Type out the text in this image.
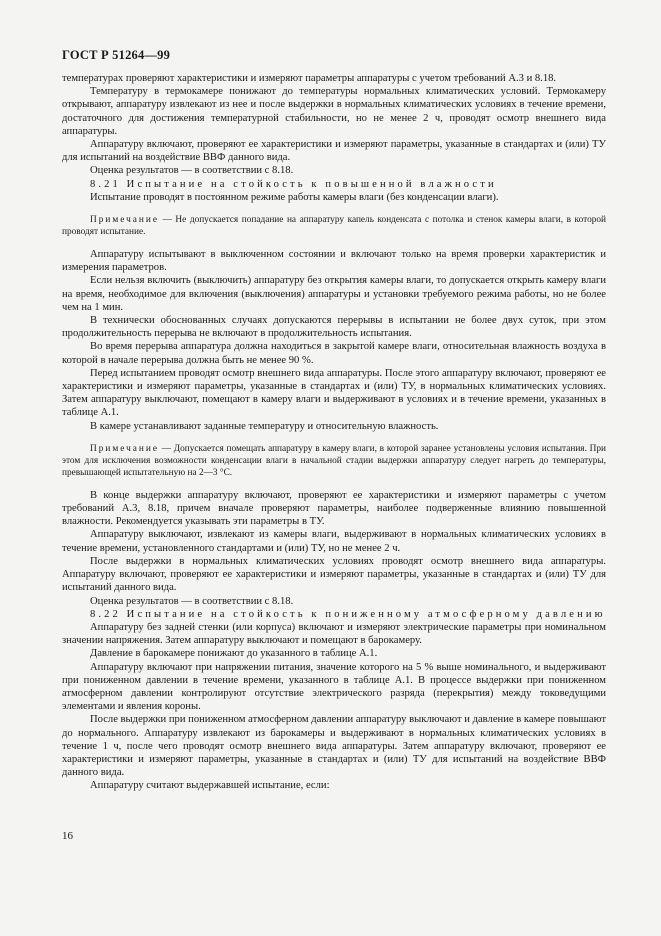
ГОСТ Р 51264—99

температурах проверяют характеристики и измеряют параметры аппаратуры с учетом требований А.3 и 8.18.

Температуру в термокамере понижают до температуры нормальных климатических условий. Термокамеру открывают, аппаратуру извлекают из нее и после выдержки в нормальных климатических условиях в течение времени, достаточного для достижения температурной стабильности, но не менее 2 ч, проводят осмотр внешнего вида аппаратуры.

Аппаратуру включают, проверяют ее характеристики и измеряют параметры, указанные в стандартах и (или) ТУ для испытаний на воздействие ВВФ данного вида.

Оценка результатов — в соответствии с 8.18.

8.21 Испытание на стойкость к повышенной влажности

Испытание проводят в постоянном режиме работы камеры влаги (без конденсации влаги).

Примечание — Не допускается попадание на аппаратуру капель конденсата с потолка и стенок камеры влаги, в которой проводят испытание.

Аппаратуру испытывают в выключенном состоянии и включают только на время проверки характеристик и измерения параметров.

Если нельзя включить (выключить) аппаратуру без открытия камеры влаги, то допускается открыть камеру влаги на время, необходимое для включения (выключения) аппаратуры и установки требуемого режима работы, но не более чем на 1 мин.

В технически обоснованных случаях допускаются перерывы в испытании не более двух суток, при этом продолжительность перерыва не включают в продолжительность испытания.

Во время перерыва аппаратура должна находиться в закрытой камере влаги, относительная влажность воздуха в которой в начале перерыва должна быть не менее 90 %.

Перед испытанием проводят осмотр внешнего вида аппаратуры. После этого аппаратуру включают, проверяют ее характеристики и измеряют параметры, указанные в стандартах и (или) ТУ, в нормальных климатических условиях. Затем аппаратуру выключают, помещают в камеру влаги и выдерживают в условиях и в течение времени, указанных в таблице А.1.

В камере устанавливают заданные температуру и относительную влажность.

Примечание — Допускается помещать аппаратуру в камеру влаги, в которой заранее установлены условия испытания. При этом для исключения возможности конденсации влаги в начальной стадии выдержки аппаратуру следует нагреть до температуры, превышающей испытательную на 2—3 °С.

В конце выдержки аппаратуру включают, проверяют ее характеристики и измеряют параметры с учетом требований А.3, 8.18, причем вначале проверяют параметры, наиболее подверженные влиянию повышенной влажности. Рекомендуется указывать эти параметры в ТУ.

Аппаратуру выключают, извлекают из камеры влаги, выдерживают в нормальных климатических условиях в течение времени, установленного стандартами и (или) ТУ, но не менее 2 ч.

После выдержки в нормальных климатических условиях проводят осмотр внешнего вида аппаратуры. Аппаратуру включают, проверяют ее характеристики и измеряют параметры, указанные в стандартах и (или) ТУ для испытаний данного вида.

Оценка результатов — в соответствии с 8.18.

8.22 Испытание на стойкость к пониженному атмосферному давлению

Аппаратуру без задней стенки (или корпуса) включают и измеряют электрические параметры при номинальном значении напряжения. Затем аппаратуру выключают и помещают в барокамеру.

Давление в барокамере понижают до указанного в таблице А.1.

Аппаратуру включают при напряжении питания, значение которого на 5 % выше номинального, и выдерживают при пониженном давлении в течение времени, указанного в таблице А.1. В процессе выдержки при пониженном атмосферном давлении контролируют отсутствие электрического разряда (перекрытия) между токоведущими элементами и явления короны.

После выдержки при пониженном атмосферном давлении аппаратуру выключают и давление в камере повышают до нормального. Аппаратуру извлекают из барокамеры и выдерживают в нормальных климатических условиях в течение 1 ч, после чего проводят осмотр внешнего вида аппаратуры. Затем аппаратуру включают, проверяют ее характеристики и измеряют параметры, указанные в стандартах и (или) ТУ для испытаний на воздействие ВВФ данного вида.

Аппаратуру считают выдержавшей испытание, если:

16
